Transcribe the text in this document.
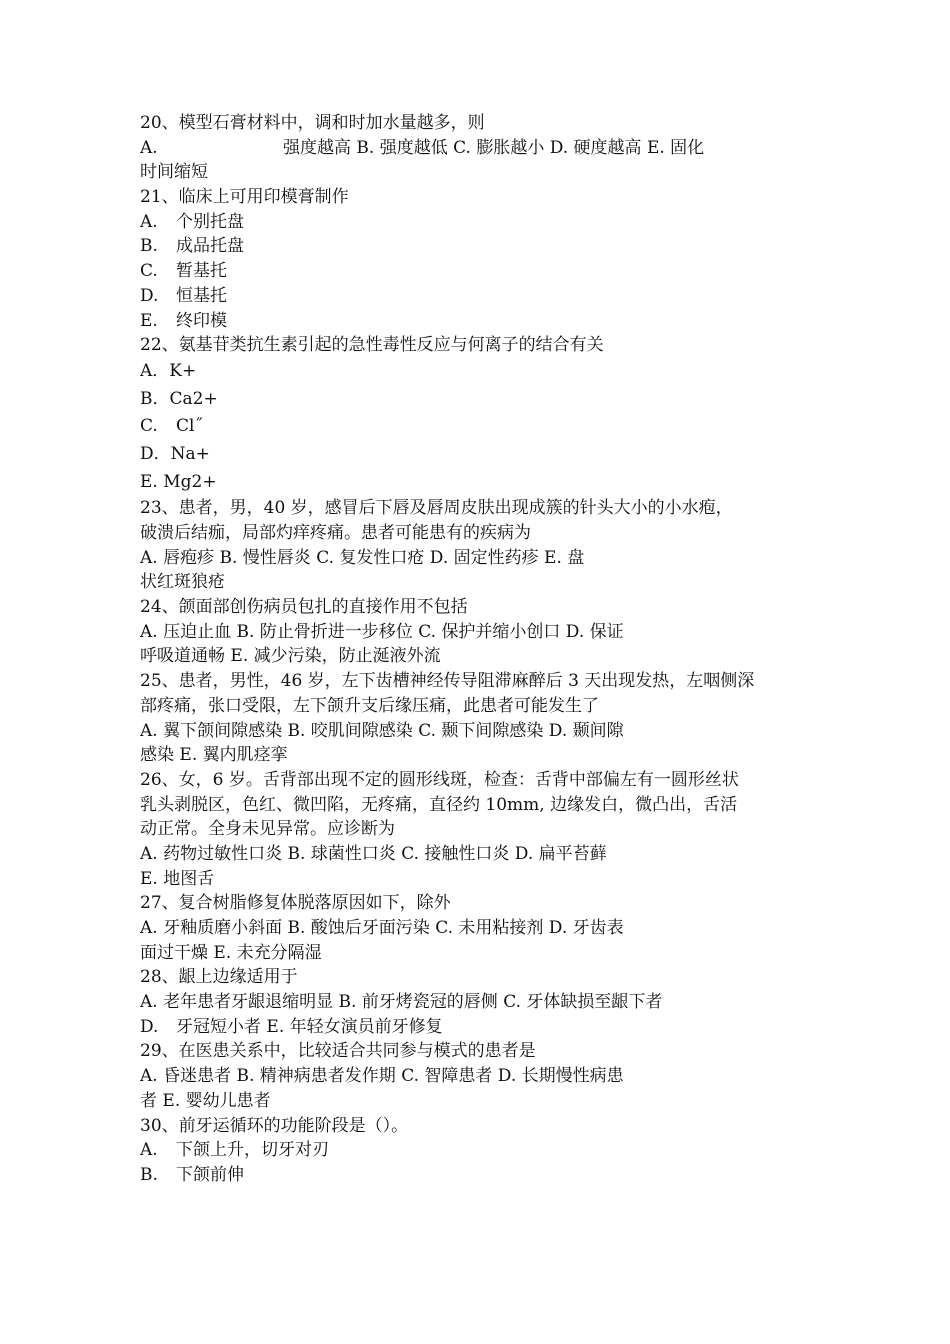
20、模型石膏材料中，调和时加水量越多，则
A.	强度越高 B. 强度越低 C. 膨胀越小 D. 硬度越高 E. 固化
时间缩短
21、临床上可用印模膏制作
A. 个别托盘
B. 成品托盘
C. 暂基托
D. 恒基托
E. 终印模
22、氨基苷类抗生素引起的急性毒性反应与何离子的结合有关
A．K+
B．Ca2+
C. Cl˝
D．Na+
E. Mg2+
23、患者，男，40 岁，感冒后下唇及唇周皮肤出现成簇的针头大小的小水疱，
破溃后结痂，局部灼痒疼痛。患者可能患有的疾病为
A. 唇疱疹 B. 慢性唇炎 C. 复发性口疮 D. 固定性药疹 E. 盘
状红斑狼疮
24、颌面部创伤病员包扎的直接作用不包括
A. 压迫止血 B. 防止骨折进一步移位 C. 保护并缩小创口 D. 保证
呼吸道通畅 E. 减少污染，防止涎液外流
25、患者，男性，46 岁，左下齿槽神经传导阻滞麻醉后 3 天出现发热，左咽侧深
部疼痛，张口受限，左下颌升支后缘压痛，此患者可能发生了
A. 翼下颌间隙感染 B. 咬肌间隙感染 C. 颞下间隙感染 D. 颞间隙
感染 E. 翼内肌痉挛
26、女，6 岁。舌背部出现不定的圆形线斑，检查：舌背中部偏左有一圆形丝状
乳头剥脱区，色红、微凹陷，无疼痛，直径约 10mm, 边缘发白，微凸出，舌活
动正常。全身未见异常。应诊断为
A. 药物过敏性口炎 B. 球菌性口炎 C. 接触性口炎 D. 扁平苔藓
E. 地图舌
27、复合树脂修复体脱落原因如下，除外
A. 牙釉质磨小斜面 B. 酸蚀后牙面污染 C. 未用粘接剂 D. 牙齿表
面过干燥 E. 未充分隔湿
28、龈上边缘适用于
A. 老年患者牙龈退缩明显 B. 前牙烤瓷冠的唇侧 C. 牙体缺损至龈下者
D. 牙冠短小者 E. 年轻女演员前牙修复
29、在医患关系中，比较适合共同参与模式的患者是
A. 昏迷患者 B. 精神病患者发作期 C. 智障患者 D. 长期慢性病患
者 E. 婴幼儿患者
30、前牙运循环的功能阶段是（）。
A. 下颌上升，切牙对刃
B. 下颌前伸
